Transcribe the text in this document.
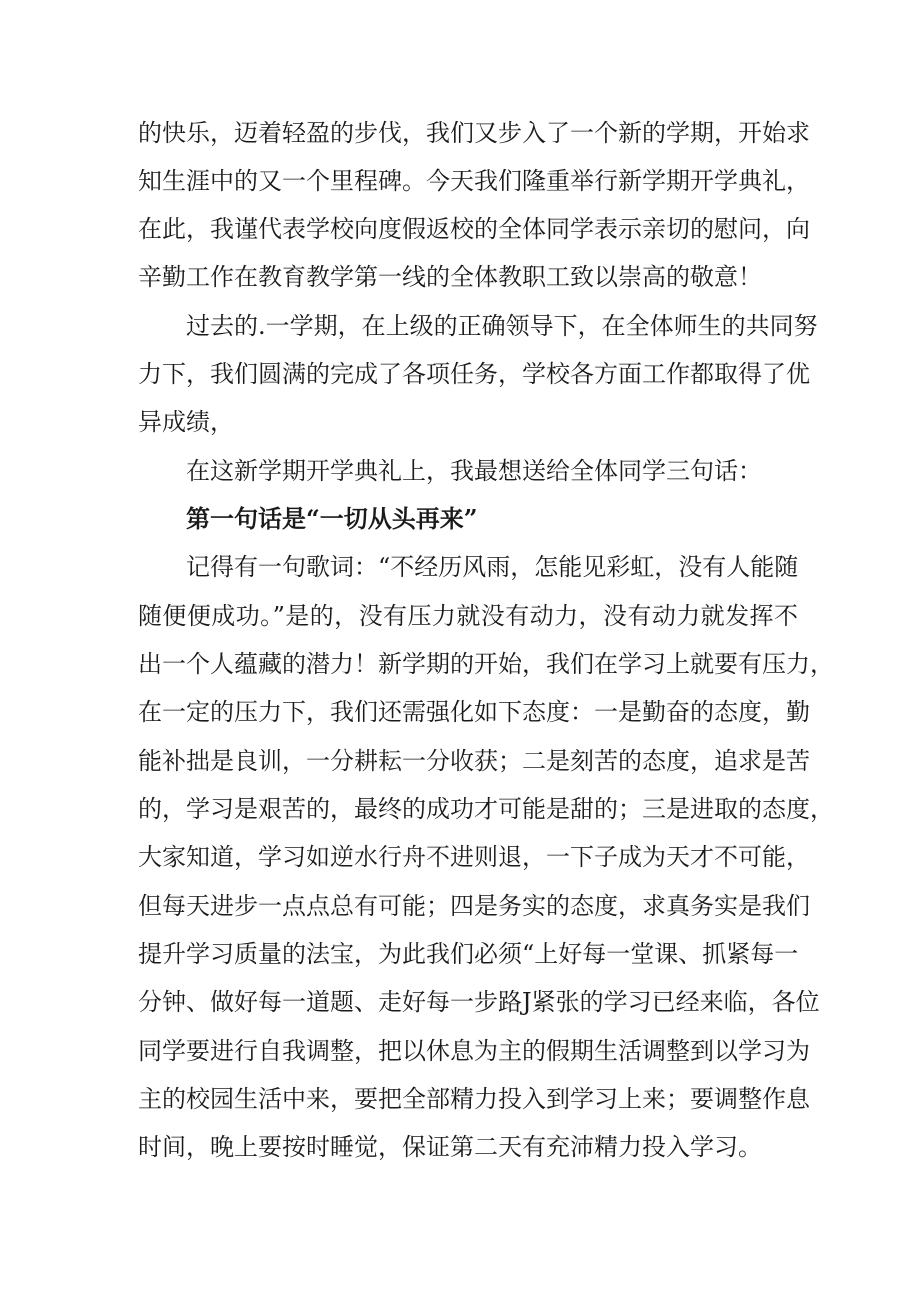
的快乐，迈着轻盈的步伐，我们又步入了一个新的学期，开始求
知生涯中的又一个里程碑。今天我们隆重举行新学期开学典礼，
在此，我谨代表学校向度假返校的全体同学表示亲切的慰问，向
辛勤工作在教育教学第一线的全体教职工致以崇高的敬意！
过去的.一学期，在上级的正确领导下，在全体师生的共同努
力下，我们圆满的完成了各项任务，学校各方面工作都取得了优
异成绩，
在这新学期开学典礼上，我最想送给全体同学三句话：
第一句话是“一切从头再来”
记得有一句歌词：“不经历风雨，怎能见彩虹，没有人能随
随便便成功。”是的，没有压力就没有动力，没有动力就发挥不
出一个人蕴藏的潜力！新学期的开始，我们在学习上就要有压力，
在一定的压力下，我们还需强化如下态度：一是勤奋的态度，勤
能补拙是良训，一分耕耘一分收获；二是刻苦的态度，追求是苦
的，学习是艰苦的，最终的成功才可能是甜的；三是进取的态度，
大家知道，学习如逆水行舟不进则退，一下子成为天才不可能，
但每天进步一点点总有可能；四是务实的态度，求真务实是我们
提升学习质量的法宝，为此我们必须“上好每一堂课、抓紧每一
分钟、做好每一道题、走好每一步路J紧张的学习已经来临，各位
同学要进行自我调整，把以休息为主的假期生活调整到以学习为
主的校园生活中来，要把全部精力投入到学习上来；要调整作息
时间，晚上要按时睡觉，保证第二天有充沛精力投入学习。
